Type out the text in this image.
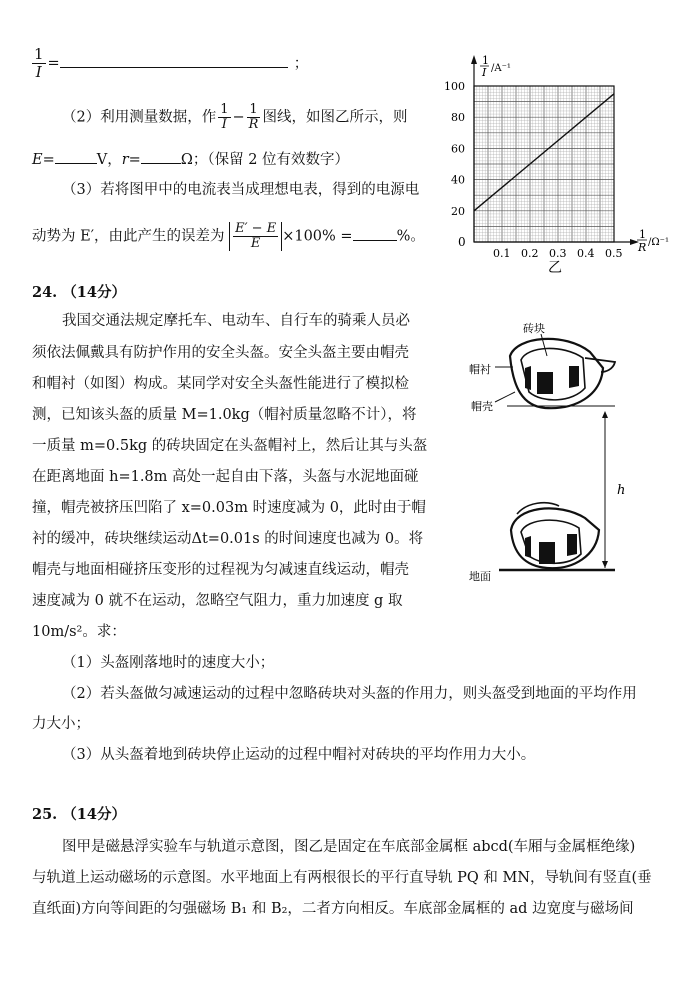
$\frac{1}{I}$ =	；
（2）利用测量数据，作 $\frac{1}{I} - \frac{1}{R}$ 图线，如图乙所示，则
E=	V，r=	Ω；（保留 2 位有效数字）
（3）若将图甲中的电流表当成理想电表，得到的电源电
动势为 E′，由此产生的误差为 $\frac{E' - E}{E} \times 100\%$ =	%。
0.1 0.2 0.3 0.4 0.5
20
40
60
80
100
1
I /A⁻¹
1
R /Ω⁻¹
0
乙
24. （14分）
我国交通法规定摩托车、电动车、自行车的骑乘人员必
须依法佩戴具有防护作用的安全头盔。安全头盔主要由帽壳
和帽衬（如图）构成。某同学对安全头盔性能进行了模拟检
测，已知该头盔的质量 M=1.0kg（帽衬质量忽略不计），将
一质量 m=0.5kg 的砖块固定在头盔帽衬上，然后让其与头盔
在距离地面 h=1.8m 高处一起自由下落，头盔与水泥地面碰
撞，帽壳被挤压凹陷了 x=0.03m 时速度减为 0，此时由于帽
衬的缓冲，砖块继续运动Δt=0.01s 的时间速度也减为 0。将
帽壳与地面相碰挤压变形的过程视为匀减速直线运动，帽壳
速度减为 0 就不在运动，忽略空气阻力，重力加速度 g 取
10m/s²。求：
（1）头盔刚落地时的速度大小；
（2）若头盔做匀减速运动的过程中忽略砖块对头盔的作用力，则头盔受到地面的平均作用
力大小；
（3）从头盔着地到砖块停止运动的过程中帽衬对砖块的平均作用力大小。
砖块
帽衬
帽壳
h
地面
25. （14分）
图甲是磁悬浮实验车与轨道示意图，图乙是固定在车底部金属框 abcd(车厢与金属框绝缘)
与轨道上运动磁场的示意图。水平地面上有两根很长的平行直导轨 PQ 和 MN，导轨间有竖直(垂
直纸面)方向等间距的匀强磁场 B₁ 和 B₂，二者方向相反。车底部金属框的 ad 边宽度与磁场间
